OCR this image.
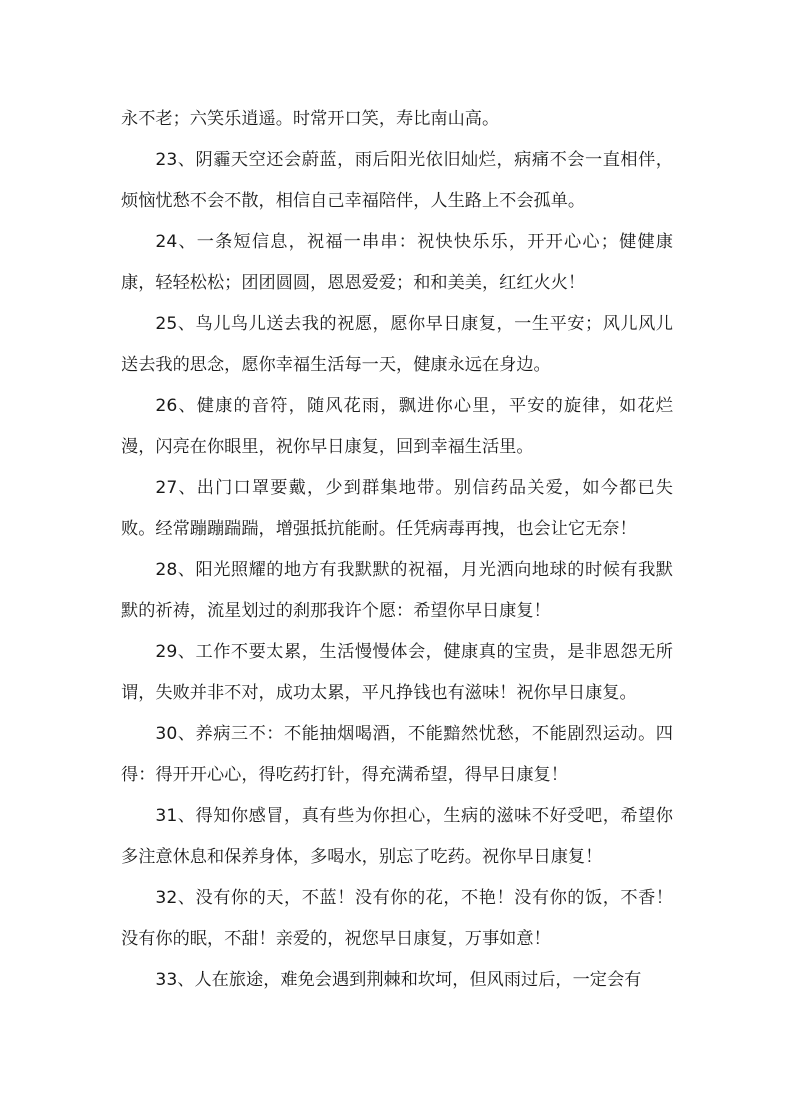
永不老；六笑乐逍遥。时常开口笑，寿比南山高。

23、阴霾天空还会蔚蓝，雨后阳光依旧灿烂，病痛不会一直相伴，烦恼忧愁不会不散，相信自己幸福陪伴，人生路上不会孤单。

24、一条短信息，祝福一串串：祝快快乐乐，开开心心；健健康康，轻轻松松；团团圆圆，恩恩爱爱；和和美美，红红火火！

25、鸟儿鸟儿送去我的祝愿，愿你早日康复，一生平安；风儿风儿送去我的思念，愿你幸福生活每一天，健康永远在身边。

26、健康的音符，随风花雨，飘进你心里，平安的旋律，如花烂漫，闪亮在你眼里，祝你早日康复，回到幸福生活里。

27、出门口罩要戴，少到群集地带。别信药品关爱，如今都已失败。经常蹦蹦踹踹，增强抵抗能耐。任凭病毒再拽，也会让它无奈！

28、阳光照耀的地方有我默默的祝福，月光洒向地球的时候有我默默的祈祷，流星划过的刹那我许个愿：希望你早日康复！

29、工作不要太累，生活慢慢体会，健康真的宝贵，是非恩怨无所谓，失败并非不对，成功太累，平凡挣钱也有滋味！祝你早日康复。

30、养病三不：不能抽烟喝酒，不能黯然忧愁，不能剧烈运动。四得：得开开心心，得吃药打针，得充满希望，得早日康复！

31、得知你感冒，真有些为你担心，生病的滋味不好受吧，希望你多注意休息和保养身体，多喝水，别忘了吃药。祝你早日康复！

32、没有你的天，不蓝！没有你的花，不艳！没有你的饭，不香！没有你的眠，不甜！亲爱的，祝您早日康复，万事如意！

33、人在旅途，难免会遇到荆棘和坎坷，但风雨过后，一定会有
